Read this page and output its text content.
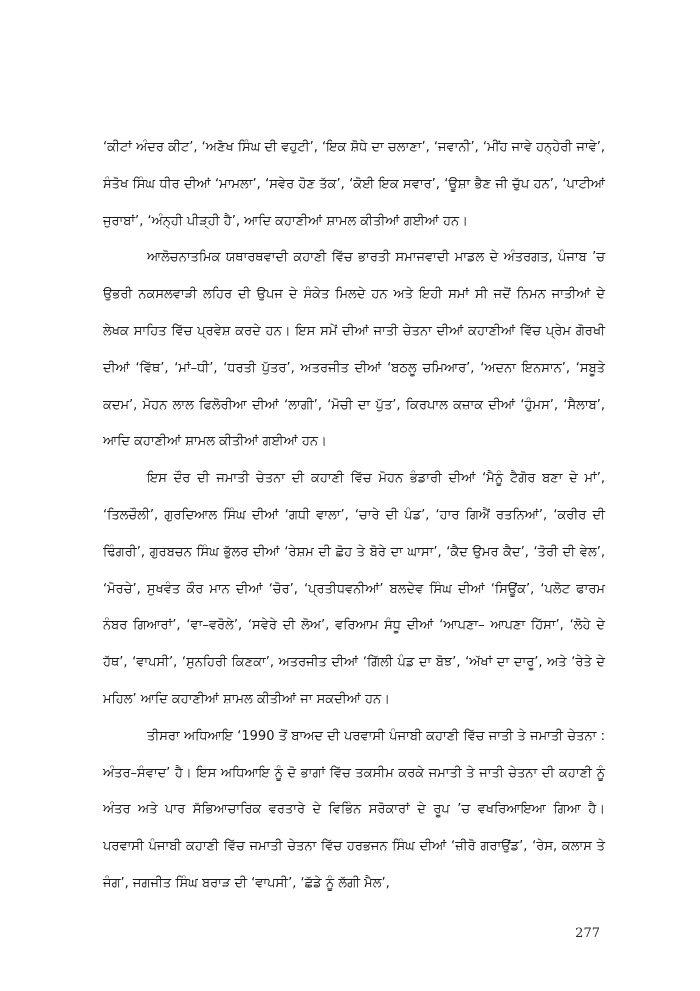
‘ਕੀਟਾਂ ਅੰਦਰ ਕੀਟ’, ‘ਅਣੋਖ ਸਿੰਘ ਦੀ ਵਹੁਟੀ’, ‘ਇਕ ਸ਼ੋਧੇ ਦਾ ਚਲਾਣਾ’, ‘ਜਵਾਨੀ’, ‘ਮੀਂਹ ਜਾਵੇ ਹਨ੍ਹੇਰੀ ਜਾਵੇ’, ਸੰਤੋਖ ਸਿੰਘ ਧੀਰ ਦੀਆਂ ‘ਮਾਮਲਾ’, ‘ਸਵੇਰ ਹੋਣ ਤੱਕ’, ‘ਕੋਈ ਇਕ ਸਵਾਰ’, ‘ਊਸ਼ਾ ਭੈਣ ਜੀ ਚੁੱਪ ਹਨ’, ‘ਪਾਟੀਆਂ ਜੁਰਾਬਾਂ’, ‘ਅੰਨ੍ਹੀ ਪੀੜ੍ਹੀ ਹੈ’, ਆਦਿ ਕਹਾਣੀਆਂ ਸ਼ਾਮਲ ਕੀਤੀਆਂ ਗਈਆਂ ਹਨ।

ਆਲੋਚਨਾਤਮਿਕ ਯਥਾਰਥਵਾਦੀ ਕਹਾਣੀ ਵਿੱਚ ਭਾਰਤੀ ਸਮਾਜਵਾਦੀ ਮਾਡਲ ਦੇ ਅੰਤਰਗਤ, ਪੰਜਾਬ ’ਚ ਉਭਰੀ ਨਕਸਲਵਾੜੀ ਲਹਿਰ ਦੀ ਉਪਜ ਦੇ ਸੰਕੇਤ ਮਿਲਦੇ ਹਨ ਅਤੇ ਇਹੀ ਸਮਾਂ ਸੀ ਜਦੋਂ ਨਿਮਨ ਜਾਤੀਆਂ ਦੇ ਲੇਖਕ ਸਾਹਿਤ ਵਿੱਚ ਪ੍ਰਵੇਸ਼ ਕਰਦੇ ਹਨ। ਇਸ ਸਮੇਂ ਦੀਆਂ ਜਾਤੀ ਚੇਤਨਾ ਦੀਆਂ ਕਹਾਣੀਆਂ ਵਿੱਚ ਪ੍ਰੇਮ ਗੋਰਖੀ ਦੀਆਂ ‘ਵਿੱਥ’, ‘ਮਾਂ–ਧੀ’, ‘ਧਰਤੀ ਪੁੱਤਰ’, ਅਤਰਜੀਤ ਦੀਆਂ ‘ਬਠਲੂ ਚਮਿਆਰ’, ‘ਅਦਨਾ ਇਨਸਾਨ’, ‘ਸਬੂਤੇ ਕਦਮ’, ਮੋਹਨ ਲਾਲ ਫਿਲੋਰੀਆ ਦੀਆਂ ‘ਲਾਗੀ’, ‘ਮੋਚੀ ਦਾ ਪੁੱਤ’, ਕਿਰਪਾਲ ਕਜ਼ਾਕ ਦੀਆਂ ‘ਹੁੰਮਸ’, ‘ਸੈਲਾਬ’, ਆਦਿ ਕਹਾਣੀਆਂ ਸ਼ਾਮਲ ਕੀਤੀਆਂ ਗਈਆਂ ਹਨ।

ਇਸ ਦੌਰ ਦੀ ਜਮਾਤੀ ਚੇਤਨਾ ਦੀ ਕਹਾਣੀ ਵਿੱਚ ਮੋਹਨ ਭੰਡਾਰੀ ਦੀਆਂ ‘ਮੈਨੂੰ ਟੈਗੋਰ ਬਣਾ ਦੇ ਮਾਂ’, ‘ਤਿਲਚੌਲੀ’, ਗੁਰਦਿਆਲ ਸਿੰਘ ਦੀਆਂ ‘ਗਧੀ ਵਾਲਾ’, ‘ਚਾਰੇ ਦੀ ਪੰਡ’, ‘ਹਾਰ ਗਿਐਂ ਰਤਨਿਆਂ’, ‘ਕਰੀਰ ਦੀ ਢਿੰਗਰੀ’, ਗੁਰਬਚਨ ਸਿੰਘ ਭੁੱਲਰ ਦੀਆਂ ‘ਰੇਸ਼ਮ ਦੀ ਛੋਹ ਤੇ ਬੋਰੇ ਦਾ ਘਾਸਾ’, ‘ਕੈਦ ਉਮਰ ਕੈਦ’, ‘ਤੋਰੀ ਦੀ ਵੇਲ’, ‘ਮੋਰਚੇ’, ਸੁਖਵੰਤ ਕੌਰ ਮਾਨ ਦੀਆਂ ‘ਚੋਰ’, ‘ਪ੍ਰਤੀਧਵਨੀਆਂ’ ਬਲਦੇਵ ਸਿੰਘ ਦੀਆਂ ‘ਸਿਊਂਕ’, ‘ਪਲੋਟ ਫਾਰਮ ਨੰਬਰ ਗਿਆਰਾਂ’, ‘ਵਾ–ਵਰੋਲੇ’, ‘ਸਵੇਰੇ ਦੀ ਲੋਅ’, ਵਰਿਆਮ ਸੰਧੂ ਦੀਆਂ ‘ਆਪਣਾ– ਆਪਣਾ ਹਿੱਸਾ’, ‘ਲੋਹੇ ਦੇ ਹੱਥ’, ‘ਵਾਪਸੀ’, ‘ਸੁਨਹਿਰੀ ਕਿਣਕਾ’, ਅਤਰਜੀਤ ਦੀਆਂ ‘ਗਿੱਲੀ ਪੰਡ ਦਾ ਬੋਝ’, ‘ਅੱਖਾਂ ਦਾ ਦਾਰੂ’, ਅਤੇ ‘ਰੇਤੇ ਦੇ ਮਹਿਲ’ ਆਦਿ ਕਹਾਣੀਆਂ ਸ਼ਾਮਲ ਕੀਤੀਆਂ ਜਾ ਸਕਦੀਆਂ ਹਨ।

ਤੀਸਰਾ ਅਧਿਆਇ ‘1990 ਤੋਂ ਬਾਅਦ ਦੀ ਪਰਵਾਸੀ ਪੰਜਾਬੀ ਕਹਾਣੀ ਵਿੱਚ ਜਾਤੀ ਤੇ ਜਮਾਤੀ ਚੇਤਨਾ : ਅੰਤਰ–ਸੰਵਾਦ’ ਹੈ। ਇਸ ਅਧਿਆਇ ਨੂੰ ਦੋ ਭਾਗਾਂ ਵਿੱਚ ਤਕਸੀਮ ਕਰਕੇ ਜਮਾਤੀ ਤੇ ਜਾਤੀ ਚੇਤਨਾ ਦੀ ਕਹਾਣੀ ਨੂੰ ਅੰਤਰ ਅਤੇ ਪਾਰ ਸੱਭਿਆਚਾਰਿਕ ਵਰਤਾਰੇ ਦੇ ਵਿਭਿੰਨ ਸਰੋਕਾਰਾਂ ਦੇ ਰੂਪ ’ਚ ਵਖਰਿਆਇਆ ਗਿਆ ਹੈ। ਪਰਵਾਸੀ ਪੰਜਾਬੀ ਕਹਾਣੀ ਵਿੱਚ ਜਮਾਤੀ ਚੇਤਨਾ ਵਿੱਚ ਹਰਭਜਨ ਸਿੰਘ ਦੀਆਂ ‘ਜ਼ੀਰੋ ਗਰਾਉਂਡ’, ‘ਰੇਸ, ਕਲਾਸ ਤੇ ਜੰਗ’, ਜਗਜੀਤ ਸਿੰਘ ਬਰਾੜ ਦੀ ‘ਵਾਪਸੀ’, ‘ਛੱਡੇ ਨੂੰ ਲੱਗੀ ਮੈਲ’,

277
